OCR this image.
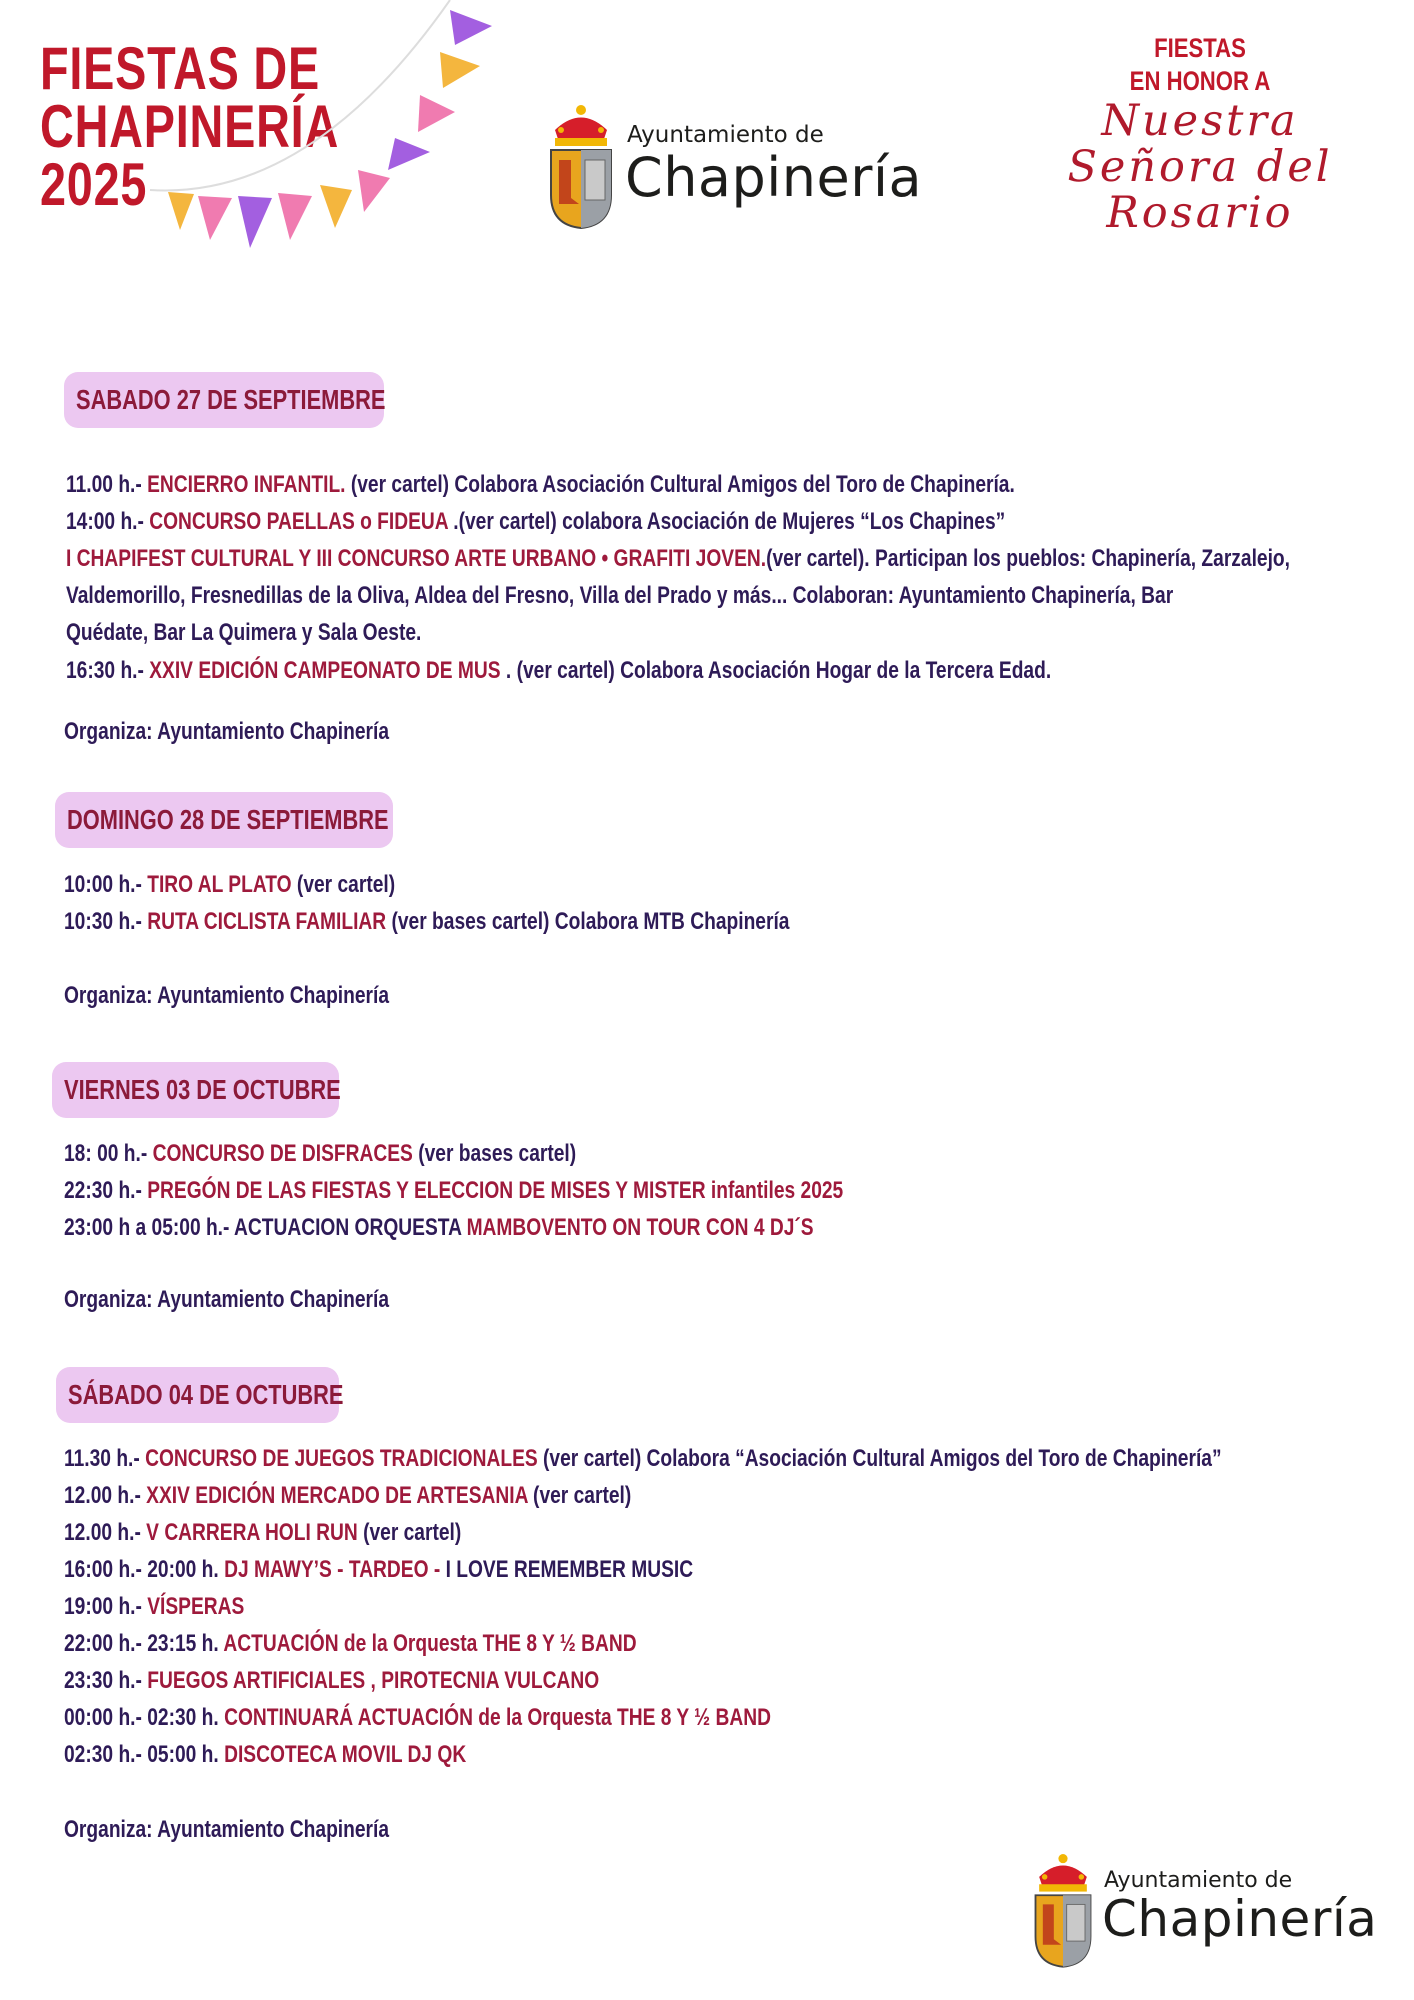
FIESTAS DE
CHAPINERÍA
2025
Ayuntamiento de
Chapinería
FIESTAS
EN HONOR A
Nuestra
Señora del
Rosario
SABADO 27 DE SEPTIEMBRE
11.00 h.- ENCIERRO INFANTIL. (ver cartel) Colabora Asociación Cultural Amigos del Toro de Chapinería.
14:00 h.- CONCURSO PAELLAS o FIDEUA .(ver cartel) colabora Asociación de Mujeres “Los Chapines”
I CHAPIFEST CULTURAL Y III CONCURSO ARTE URBANO • GRAFITI JOVEN.(ver cartel). Participan los pueblos: Chapinería, Zarzalejo,
Valdemorillo, Fresnedillas de la Oliva, Aldea del Fresno, Villa del Prado y más... Colaboran: Ayuntamiento Chapinería, Bar
Quédate, Bar La Quimera y Sala Oeste.
16:30 h.- XXIV EDICIÓN CAMPEONATO DE MUS . (ver cartel) Colabora Asociación Hogar de la Tercera Edad.
Organiza: Ayuntamiento Chapinería
DOMINGO 28 DE SEPTIEMBRE
10:00 h.- TIRO AL PLATO (ver cartel)
10:30 h.- RUTA CICLISTA FAMILIAR (ver bases cartel) Colabora MTB Chapinería
Organiza: Ayuntamiento Chapinería
VIERNES 03 DE OCTUBRE
18: 00 h.- CONCURSO DE DISFRACES (ver bases cartel)
22:30 h.- PREGÓN DE LAS FIESTAS Y ELECCION DE MISES Y MISTER infantiles 2025
23:00 h a 05:00 h.- ACTUACION ORQUESTA MAMBOVENTO ON TOUR CON 4 DJ´S
Organiza: Ayuntamiento Chapinería
SÁBADO 04 DE OCTUBRE
11.30 h.- CONCURSO DE JUEGOS TRADICIONALES (ver cartel) Colabora “Asociación Cultural Amigos del Toro de Chapinería”
12.00 h.- XXIV EDICIÓN MERCADO DE ARTESANIA (ver cartel)
12.00 h.- V CARRERA HOLI RUN (ver cartel)
16:00 h.- 20:00 h. DJ MAWY’S - TARDEO - I LOVE REMEMBER MUSIC
19:00 h.- VÍSPERAS
22:00 h.- 23:15 h. ACTUACIÓN de la Orquesta THE 8 Y ½ BAND
23:30 h.- FUEGOS ARTIFICIALES , PIROTECNIA VULCANO
00:00 h.- 02:30 h. CONTINUARÁ ACTUACIÓN de la Orquesta THE 8 Y ½ BAND
02:30 h.- 05:00 h. DISCOTECA MOVIL DJ QK
Organiza: Ayuntamiento Chapinería
Ayuntamiento de
Chapinería
